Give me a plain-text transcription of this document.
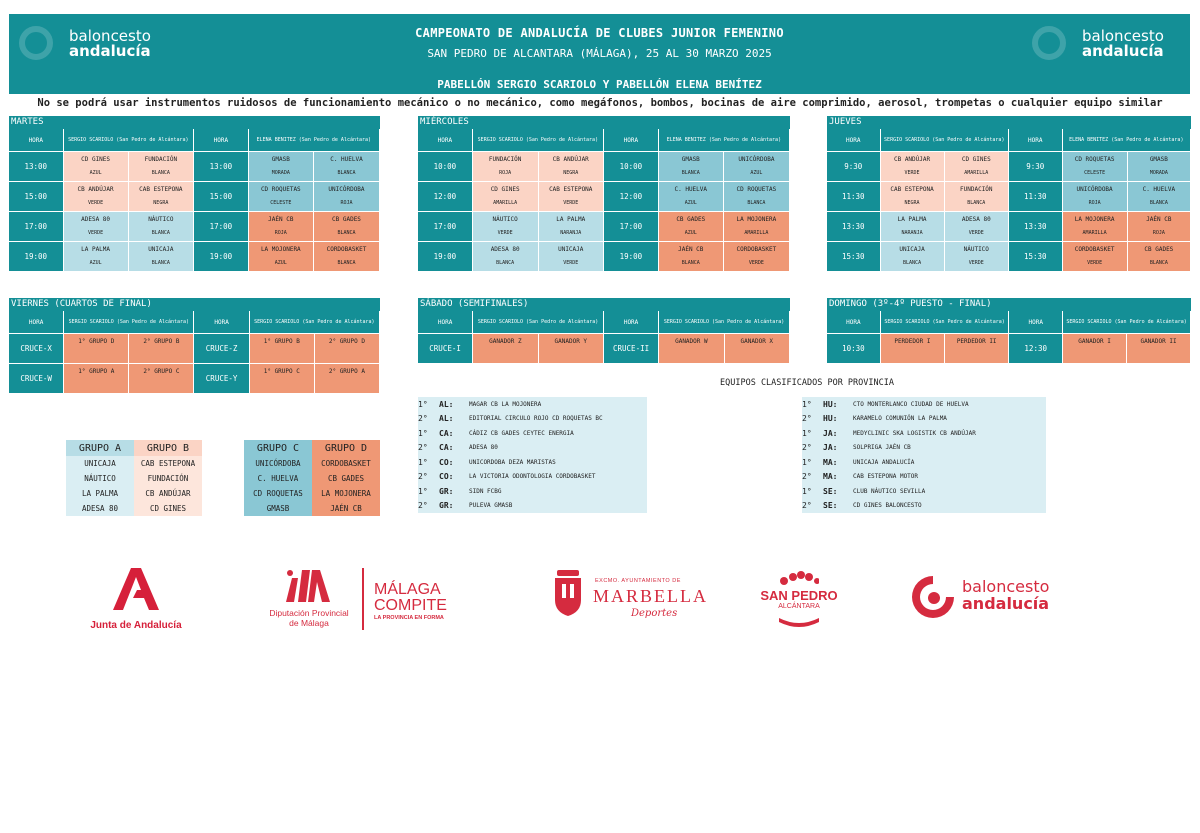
baloncesto
andalucía
CAMPEONATO DE ANDALUCÍA DE CLUBES JUNIOR FEMENINO
SAN PEDRO DE ALCANTARA (MÁLAGA), 25 AL 30 MARZO 2025
PABELLÓN SERGIO SCARIOLO Y PABELLÓN ELENA BENÍTEZ
baloncesto
andalucía
No se podrá usar instrumentos ruidosos de funcionamiento mecánico o no mecánico, como megáfonos, bombos, bocinas de aire comprimido, aerosol, trompetas o cualquier equipo similar
MARTES
HORA	SERGIO SCARIOLO (San Pedro de Alcántara)		HORA	ELENA BENITEZ (San Pedro de Alcántara)	

13:00	CD GINES	FUNDACIÓN	13:00	GMASB	C. HUELVA
	AZUL	BLANCA		MORADA	BLANCA

15:00	CB ANDÚJAR	CAB ESTEPONA	15:00	CD ROQUETAS	UNICÓRDOBA
	VERDE	NEGRA		CELESTE	ROJA

17:00	ADESA 80	NÁUTICO	17:00	JAÉN CB	CB GADES
	VERDE	BLANCA		ROJA	BLANCA

19:00	LA PALMA	UNICAJA	19:00	LA MOJONERA	CORDOBASKET
	AZUL	BLANCA		AZUL	BLANCA

MIÉRCOLES
HORA	SERGIO SCARIOLO (San Pedro de Alcántara)		HORA	ELENA BENITEZ (San Pedro de Alcántara)	

10:00	FUNDACIÓN	CB ANDÚJAR	10:00	GMASB	UNICÓRDOBA
	ROJA	NEGRA		BLANCA	AZUL

12:00	CD GINES	CAB ESTEPONA	12:00	C. HUELVA	CD ROQUETAS
	AMARILLA	VERDE		AZUL	BLANCA

17:00	NÁUTICO	LA PALMA	17:00	CB GADES	LA MOJONERA
	VERDE	NARANJA		AZUL	AMARILLA

19:00	ADESA 80	UNICAJA	19:00	JAÉN CB	CORDOBASKET
	BLANCA	VERDE		BLANCA	VERDE

JUEVES
HORA	SERGIO SCARIOLO (San Pedro de Alcántara)		HORA	ELENA BENITEZ (San Pedro de Alcántara)	

9:30	CB ANDÚJAR	CD GINES	9:30	CD ROQUETAS	GMASB
	VERDE	AMARILLA		CELESTE	MORADA

11:30	CAB ESTEPONA	FUNDACIÓN	11:30	UNICÓRDOBA	C. HUELVA
	NEGRA	BLANCA		ROJA	BLANCA

13:30	LA PALMA	ADESA 80	13:30	LA MOJONERA	JAÉN CB
	NARANJA	VERDE		AMARILLA	ROJA

15:30	UNICAJA	NÁUTICO	15:30	CORDOBASKET	CB GADES
	BLANCA	VERDE		VERDE	BLANCA

VIERNES (CUARTOS DE FINAL)
HORA	SERGIO SCARIOLO (San Pedro de Alcántara)		HORA	SERGIO SCARIOLO (San Pedro de Alcántara)	

CRUCE-X	1° GRUPO D	2° GRUPO B	CRUCE-Z	1° GRUPO B	2° GRUPO D

CRUCE-W	1° GRUPO A	2° GRUPO C	CRUCE-Y	1° GRUPO C	2° GRUPO A

SÁBADO (SEMIFINALES)
HORA	SERGIO SCARIOLO (San Pedro de Alcántara)		HORA	SERGIO SCARIOLO (San Pedro de Alcántara)	

CRUCE-I	GANADOR Z	GANADOR Y	CRUCE-II	GANADOR W	GANADOR X

DOMINGO (3º-4º PUESTO - FINAL)
HORA	SERGIO SCARIOLO (San Pedro de Alcántara)		HORA	SERGIO SCARIOLO (San Pedro de Alcántara)	

10:30	PERDEDOR I	PERDEDOR II	12:30	GANADOR I	GANADOR II

GRUPO A	GRUPO B
UNICAJA	CAB ESTEPONA
NÁUTICO	FUNDACIÓN
LA PALMA	CB ANDÚJAR
ADESA 80	CD GINES
GRUPO C	GRUPO D
UNICÓRDOBA	CORDOBASKET
C. HUELVA	CB GADES
CD ROQUETAS	LA MOJONERA
GMASB	JAÉN CB
EQUIPOS CLASIFICADOS POR PROVINCIA
1°	AL:	MAGAR CB LA MOJONERA
2°	AL:	EDITORIAL CIRCULO ROJO CD ROQUETAS BC
1°	CA:	CÁDIZ CB GADES CEYTEC ENERGIA
2°	CA:	ADESA 80
1°	CO:	UNICORDOBA DEZA MARISTAS
2°	CO:	LA VICTORIA ODONTOLOGIA CORDOBASKET
1°	GR:	SIDN FCBG
2°	GR:	PULEVA GMASB
1°	HU:	CTO MONTERLANCO CIUDAD DE HUELVA
2°	HU:	KARAMELO COMUNIÓN LA PALMA
1°	JA:	MEDYCLINIC SKA LOGISTIK CB ANDÚJAR
2°	JA:	SOLPRIGA JAÉN CB
1°	MA:	UNICAJA ANDALUCÍA
2°	MA:	CAB ESTEPONA MOTOR
1°	SE:	CLUB NÁUTICO SEVILLA
2°	SE:	CD GINES BALONCESTO
Junta de Andalucía
Diputación Provincial
de Málaga
MÁLAGA
COMPITE
LA PROVINCIA EN FORMA
EXCMO. AYUNTAMIENTO DE
MARBELLA
Deportes
SAN PEDRO
ALCÁNTARA
baloncesto
andalucía
